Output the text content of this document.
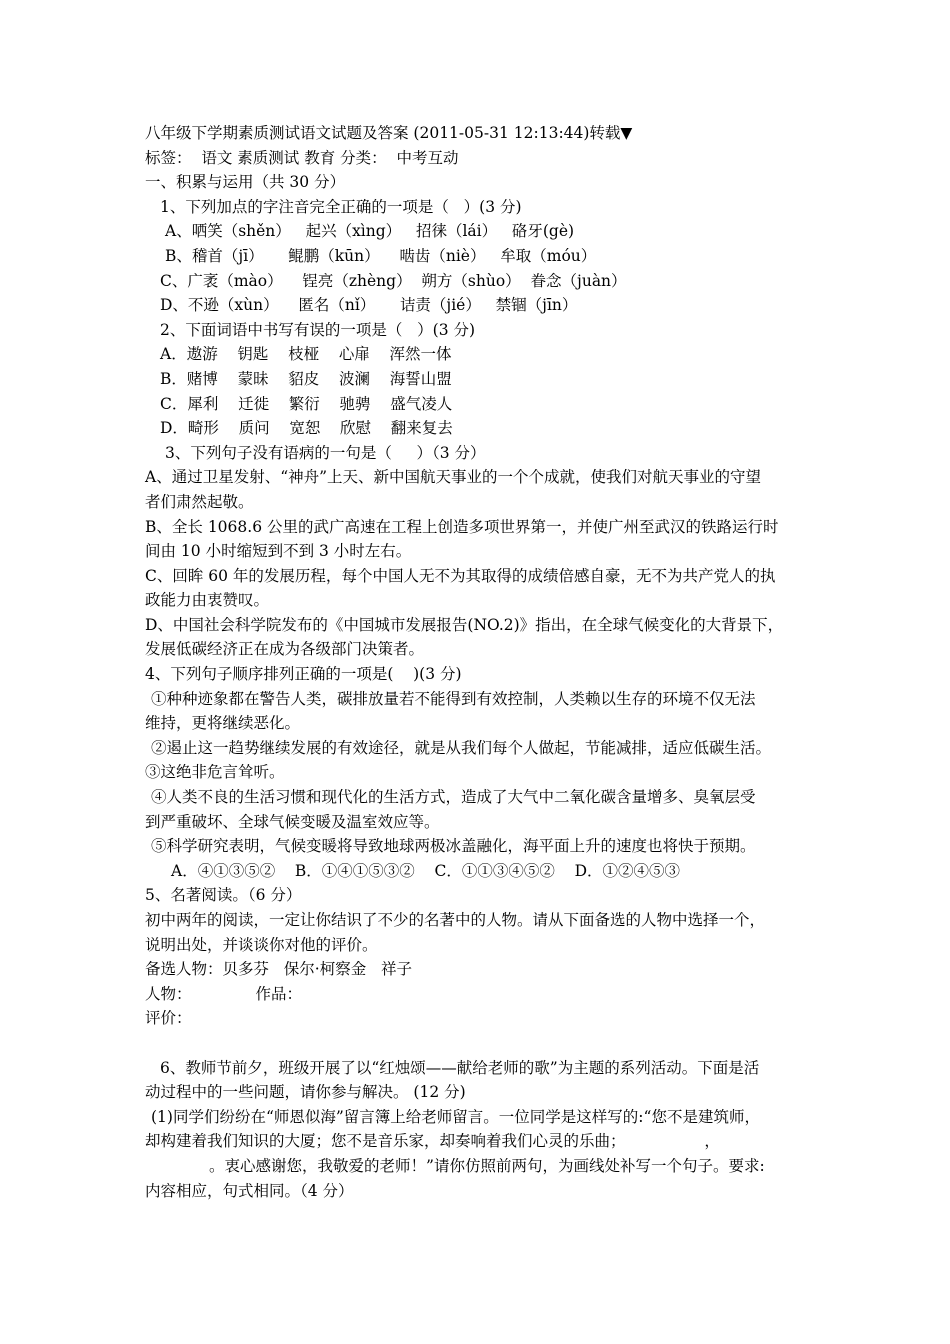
八年级下学期素质测试语文试题及答案 (2011-05-31 12:13:44)转载▼
标签：  语文 素质测试 教育 分类：  中考互动
一、积累与运用（共 30 分）
1、下列加点的字注音完全正确的一项是（   ）(3 分)
A、哂笑（shěn）   起兴（xìng）   招徕（lái）   硌牙(gè)
B、稽首（jī）     鲲鹏（kūn）    啮齿（niè）   牟取（móu）
C、广袤（mào）    锃亮（zhèng）  朔方（shùo）  眷念（juàn）
D、不逊（xùn）    匿名（nǐ）     诘责（jié）   禁锢（jīn）
2、下面词语中书写有误的一项是（   ）(3 分)
A．遨游    钥匙    枝桠    心扉    浑然一体
B．赌博    蒙昧    貂皮    波澜    海誓山盟
C．犀利    迁徙    繁衍    驰骋    盛气凌人
D．畸形    质问    宽恕    欣慰    翻来复去
3、下列句子没有语病的一句是（     ）（3 分）
A、通过卫星发射、“神舟”上天、新中国航天事业的一个个成就，使我们对航天事业的守望
者们肃然起敬。
B、全长 1068.6 公里的武广高速在工程上创造多项世界第一，并使广州至武汉的铁路运行时
间由 10 小时缩短到不到 3 小时左右。
C、回眸 60 年的发展历程，每个中国人无不为其取得的成绩倍感自豪，无不为共产党人的执
政能力由衷赞叹。
D、中国社会科学院发布的《中国城市发展报告(NO.2)》指出，在全球气候变化的大背景下，
发展低碳经济正在成为各级部门决策者。
4、下列句子顺序排列正确的一项是(    )(3 分)
①种种迹象都在警告人类，碳排放量若不能得到有效控制，人类赖以生存的环境不仅无法
维持，更将继续恶化。
②遏止这一趋势继续发展的有效途径，就是从我们每个人做起，节能减排，适应低碳生活。
③这绝非危言耸听。
④人类不良的生活习惯和现代化的生活方式，造成了大气中二氧化碳含量增多、臭氧层受
到严重破坏、全球气候变暖及温室效应等。
⑤科学研究表明，气候变暖将导致地球两极冰盖融化，海平面上升的速度也将快于预期。
A．④①③⑤②    B．①④①⑤③②    C．①①③④⑤②    D．①②④⑤③
5、名著阅读。（6 分）
初中两年的阅读，一定让你结识了不少的名著中的人物。请从下面备选的人物中选择一个，
说明出处，并谈谈你对他的评价。
备选人物：贝多芬   保尔·柯察金   祥子
人物：             作品：
评价：
6、教师节前夕，班级开展了以“红烛颂——献给老师的歌”为主题的系列活动。下面是活
动过程中的一些问题，请你参与解决。 (12 分)
(1)同学们纷纷在“师恩似海”留言簿上给老师留言。一位同学是这样写的:“您不是建筑师，
却构建着我们知识的大厦；您不是音乐家，却奏响着我们心灵的乐曲；                ，
。衷心感谢您，我敬爱的老师！”请你仿照前两句，为画线处补写一个句子。要求:
内容相应，句式相同。（4 分）
